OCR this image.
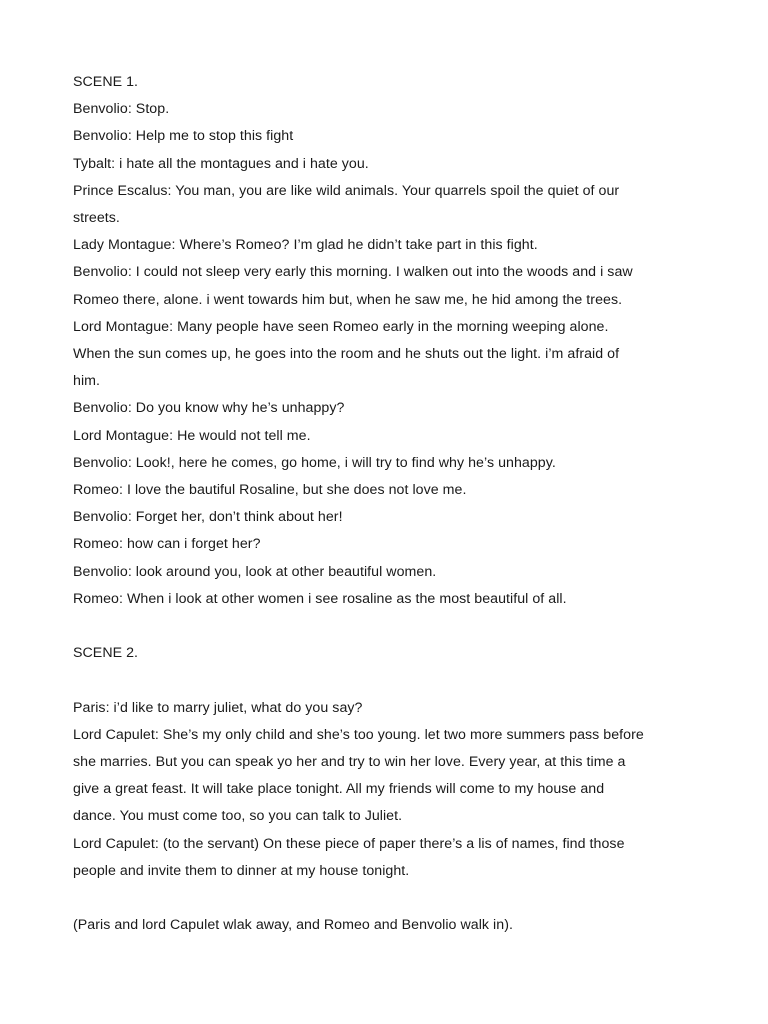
SCENE 1.
Benvolio: Stop.
Benvolio: Help me to stop this fight
Tybalt: i hate all the montagues and i hate you.
Prince Escalus: You man, you are like wild animals. Your quarrels spoil the quiet of our
streets.
Lady Montague: Where’s Romeo? I’m glad he didn’t take part in this fight.
Benvolio: I could not sleep very early this morning. I walken out into the woods and i saw
Romeo there, alone. i went towards him but, when he saw me, he hid among the trees.
Lord Montague: Many people have seen Romeo early in the morning weeping alone.
When the sun comes up, he goes into the room and he shuts out the light. i’m afraid of
him.
Benvolio: Do you know why he’s unhappy?
Lord Montague: He would not tell me.
Benvolio: Look!, here he comes, go home, i will try to find why he’s unhappy.
Romeo: I love the bautiful Rosaline, but she does not love me.
Benvolio: Forget her, don’t think about her!
Romeo: how can i forget her?
Benvolio: look around you, look at other beautiful women.
Romeo: When i look at other women i see rosaline as the most beautiful of all.
SCENE 2.
Paris: i’d like to marry juliet, what do you say?
Lord Capulet: She’s my only child and she’s too young. let two more summers pass before
she marries. But you can speak yo her and try to win her love. Every year, at this time a
give a great feast. It will take place tonight. All my friends will come to my house and
dance. You must come too, so you can talk to Juliet.
Lord Capulet: (to the servant) On these piece of paper there’s a lis of names, find those
people and invite them to dinner at my house tonight.
(Paris and lord Capulet wlak away, and Romeo and Benvolio walk in).
